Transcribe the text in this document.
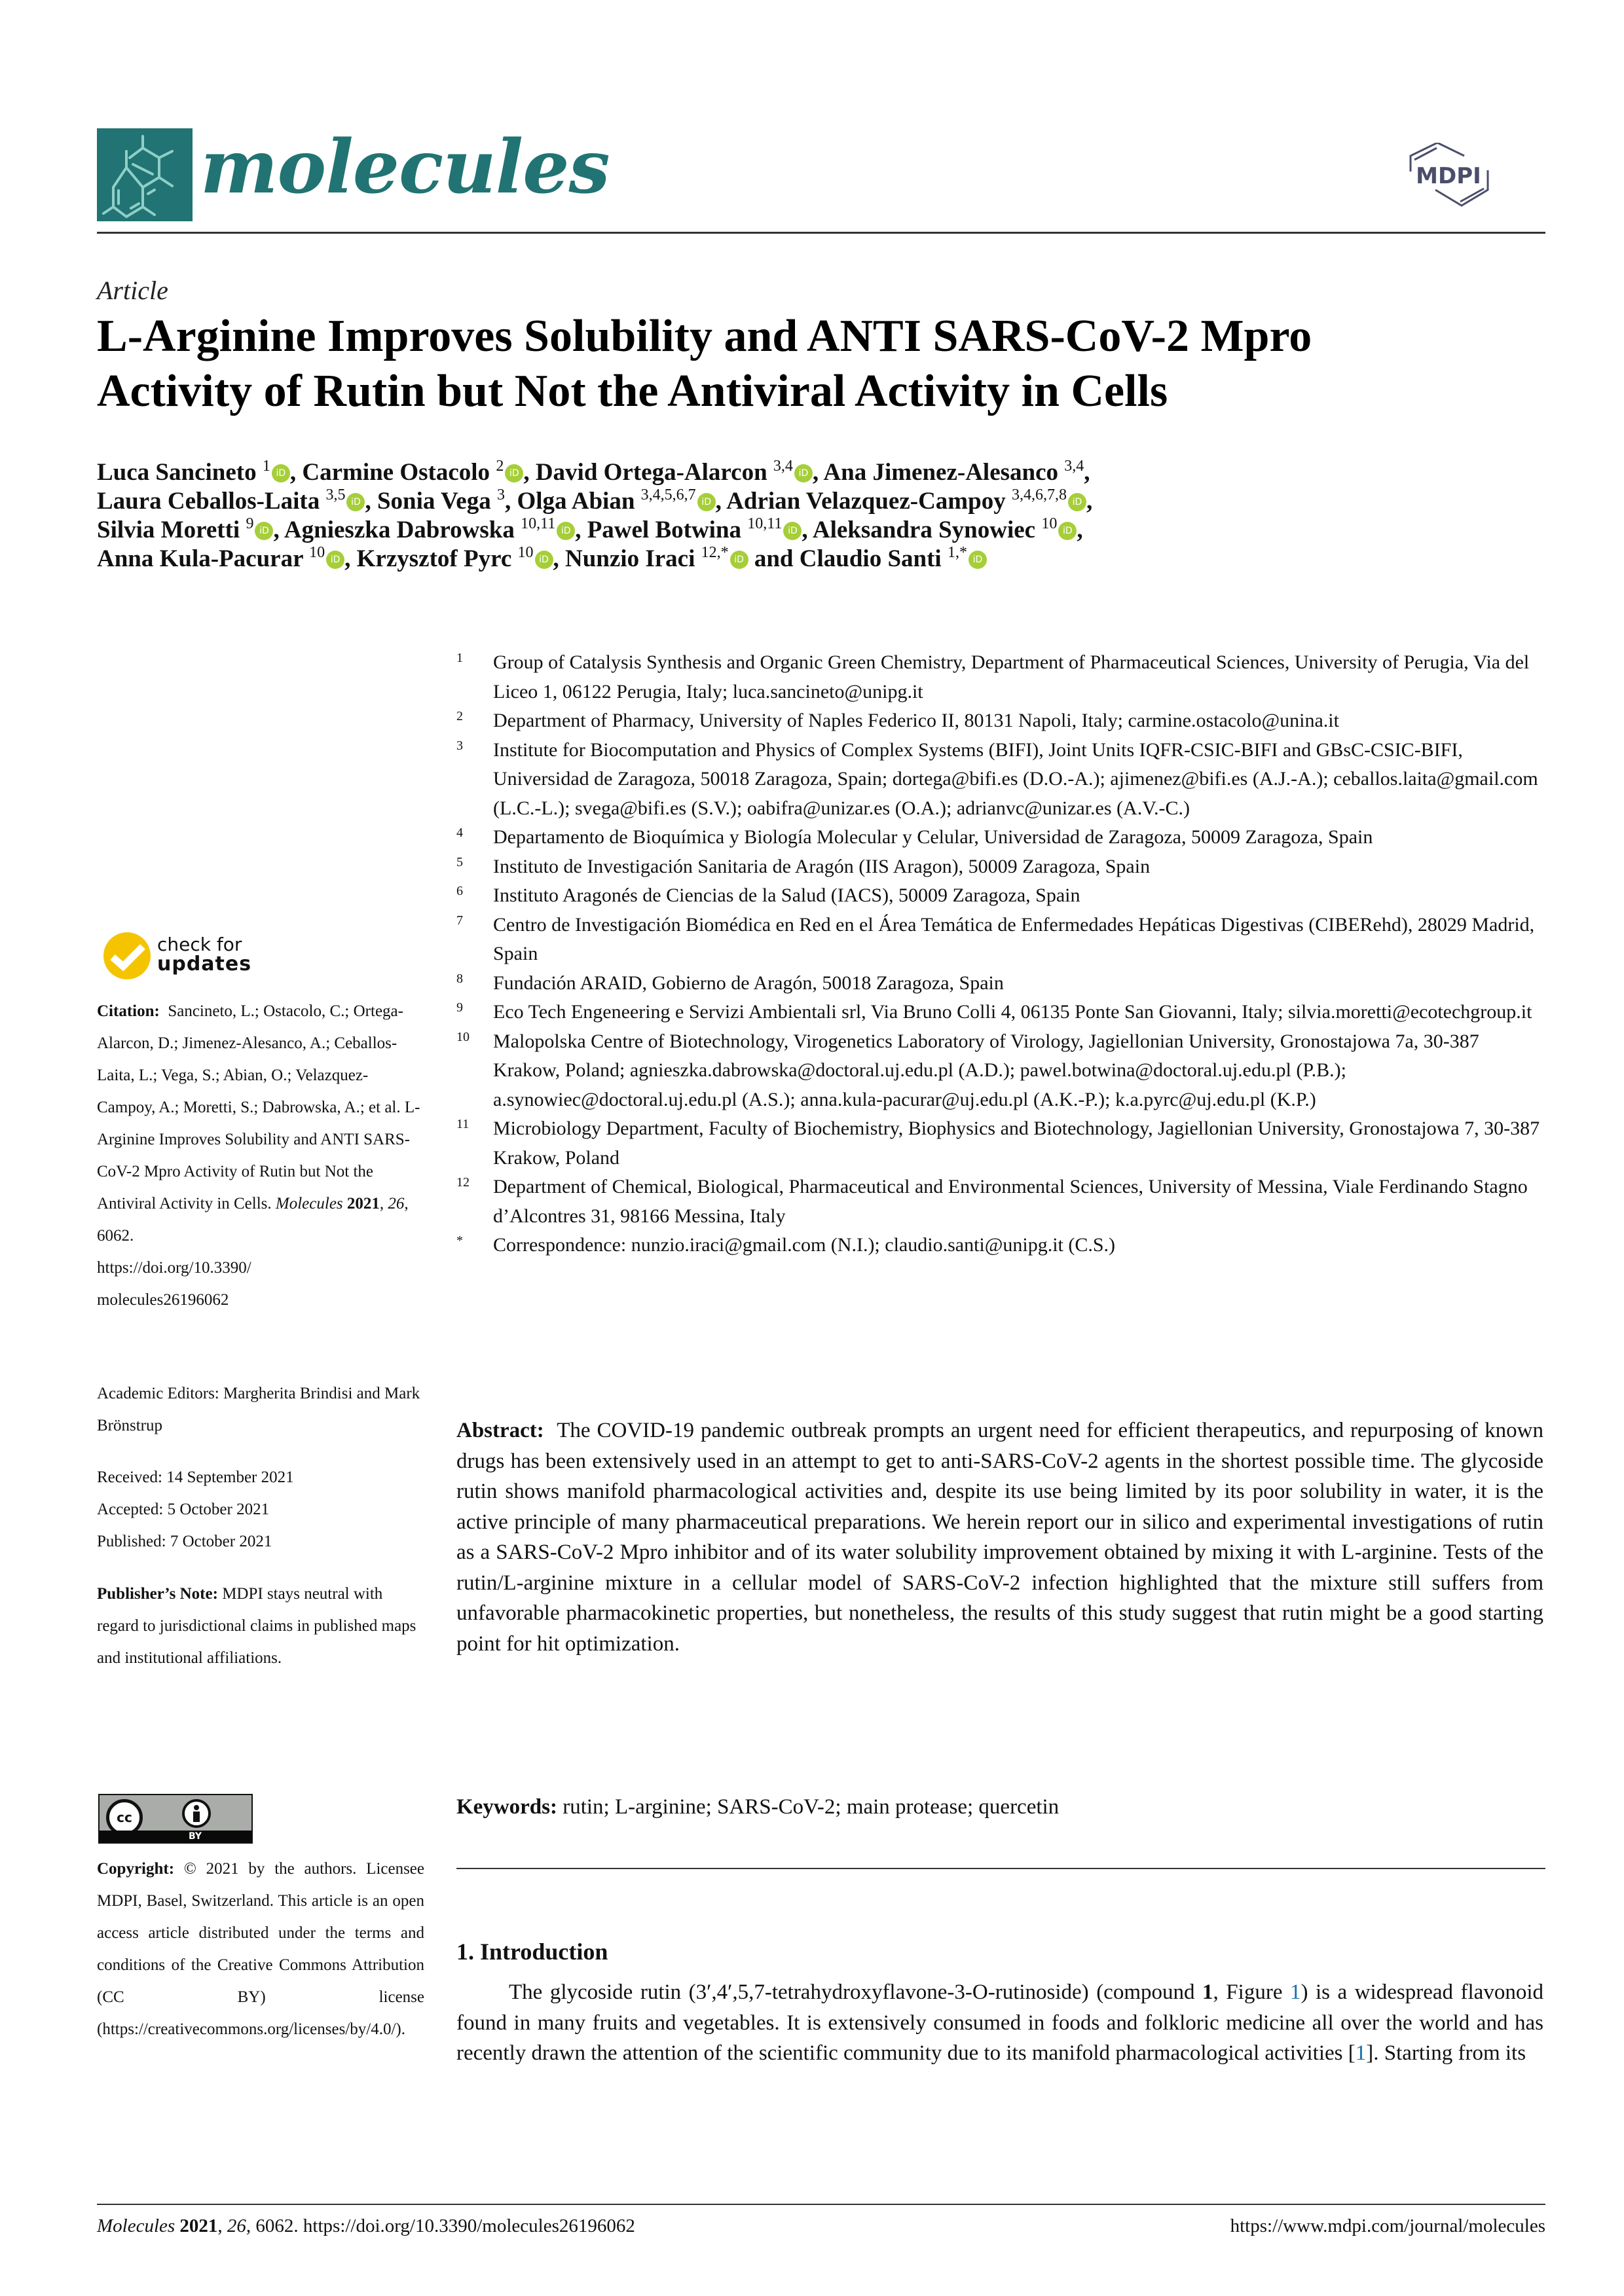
molecules	MDPI
Article
L-Arginine Improves Solubility and ANTI SARS-CoV-2 Mpro
Activity of Rutin but Not the Antiviral Activity in Cells
Luca Sancineto $^1$ iD , Carmine Ostacolo $^2$ iD , David Ortega-Alarcon $^{3,4}$ iD , Ana Jimenez-Alesanco $^{3,4}$,
Laura Ceballos-Laita $^{3,5}$ iD , Sonia Vega $^3$, Olga Abian $^{3,4,5,6,7}$ iD , Adrian Velazquez-Campoy $^{3,4,6,7,8}$ iD ,
Silvia Moretti $^9$ iD , Agnieszka Dabrowska $^{10,11}$ iD , Pawel Botwina $^{10,11}$ iD , Aleksandra Synowiec $^{10}$ iD ,
Anna Kula-Pacurar $^{10}$ iD , Krzysztof Pyrc $^{10}$ iD , Nunzio Iraci $^{12,*}$ iD and Claudio Santi $^{1,*}$ iD
1	Group of Catalysis Synthesis and Organic Green Chemistry, Department of Pharmaceutical Sciences, University of Perugia, Via del Liceo 1, 06122 Perugia, Italy; luca.sancineto@unipg.it
2	Department of Pharmacy, University of Naples Federico II, 80131 Napoli, Italy; carmine.ostacolo@unina.it
3	Institute for Biocomputation and Physics of Complex Systems (BIFI), Joint Units IQFR-CSIC-BIFI and GBsC-CSIC-BIFI, Universidad de Zaragoza, 50018 Zaragoza, Spain; dortega@bifi.es (D.O.-A.); ajimenez@bifi.es (A.J.-A.); ceballos.laita@gmail.com (L.C.-L.); svega@bifi.es (S.V.); oabifra@unizar.es (O.A.); adrianvc@unizar.es (A.V.-C.)
4	Departamento de Bioquímica y Biología Molecular y Celular, Universidad de Zaragoza, 50009 Zaragoza, Spain
5	Instituto de Investigación Sanitaria de Aragón (IIS Aragon), 50009 Zaragoza, Spain
6	Instituto Aragonés de Ciencias de la Salud (IACS), 50009 Zaragoza, Spain
7	Centro de Investigación Biomédica en Red en el Área Temática de Enfermedades Hepáticas Digestivas (CIBERehd), 28029 Madrid, Spain
8	Fundación ARAID, Gobierno de Aragón, 50018 Zaragoza, Spain
9	Eco Tech Engeneering e Servizi Ambientali srl, Via Bruno Colli 4, 06135 Ponte San Giovanni, Italy; silvia.moretti@ecotechgroup.it
10	Malopolska Centre of Biotechnology, Virogenetics Laboratory of Virology, Jagiellonian University, Gronostajowa 7a, 30-387 Krakow, Poland; agnieszka.dabrowska@doctoral.uj.edu.pl (A.D.); pawel.botwina@doctoral.uj.edu.pl (P.B.); a.synowiec@doctoral.uj.edu.pl (A.S.); anna.kula-pacurar@uj.edu.pl (A.K.-P.); k.a.pyrc@uj.edu.pl (K.P.)
11	Microbiology Department, Faculty of Biochemistry, Biophysics and Biotechnology, Jagiellonian University, Gronostajowa 7, 30-387 Krakow, Poland
12	Department of Chemical, Biological, Pharmaceutical and Environmental Sciences, University of Messina, Viale Ferdinando Stagno d’Alcontres 31, 98166 Messina, Italy
*	Correspondence: nunzio.iraci@gmail.com (N.I.); claudio.santi@unipg.it (C.S.)
check for
updates
Citation: Sancineto, L.; Ostacolo, C.; Ortega-Alarcon, D.; Jimenez-Alesanco, A.; Ceballos-Laita, L.; Vega, S.; Abian, O.; Velazquez-Campoy, A.; Moretti, S.; Dabrowska, A.; et al. L-Arginine Improves Solubility and ANTI SARS-CoV-2 Mpro Activity of Rutin but Not the Antiviral Activity in Cells. Molecules 2021, 26, 6062.
https://doi.org/10.3390/
molecules26196062
Academic Editors: Margherita Brindisi and Mark Brönstrup
Received: 14 September 2021
Accepted: 5 October 2021
Published: 7 October 2021
Publisher’s Note: MDPI stays neutral with regard to jurisdictional claims in published maps and institutional affiliations.
cc
BY
Copyright: © 2021 by the authors. Licensee MDPI, Basel, Switzerland. This article is an open access article distributed under the terms and conditions of the Creative Commons Attribution (CC BY) license (https://creativecommons.org/licenses/by/4.0/).
Abstract: The COVID-19 pandemic outbreak prompts an urgent need for efficient therapeutics, and repurposing of known drugs has been extensively used in an attempt to get to anti-SARS-CoV-2 agents in the shortest possible time. The glycoside rutin shows manifold pharmacological activities and, despite its use being limited by its poor solubility in water, it is the active principle of many pharmaceutical preparations. We herein report our in silico and experimental investigations of rutin as a SARS-CoV-2 Mpro inhibitor and of its water solubility improvement obtained by mixing it with L-arginine. Tests of the rutin/L-arginine mixture in a cellular model of SARS-CoV-2 infection highlighted that the mixture still suffers from unfavorable pharmacokinetic properties, but nonetheless, the results of this study suggest that rutin might be a good starting point for hit optimization.
Keywords: rutin; L-arginine; SARS-CoV-2; main protease; quercetin
1. Introduction
The glycoside rutin (3′,4′,5,7-tetrahydroxyflavone-3-O-rutinoside) (compound 1, Figure 1) is a widespread flavonoid found in many fruits and vegetables. It is extensively consumed in foods and folkloric medicine all over the world and has recently drawn the attention of the scientific community due to its manifold pharmacological activities [1]. Starting from its
Molecules 2021, 26, 6062. https://doi.org/10.3390/molecules26196062	https://www.mdpi.com/journal/molecules
